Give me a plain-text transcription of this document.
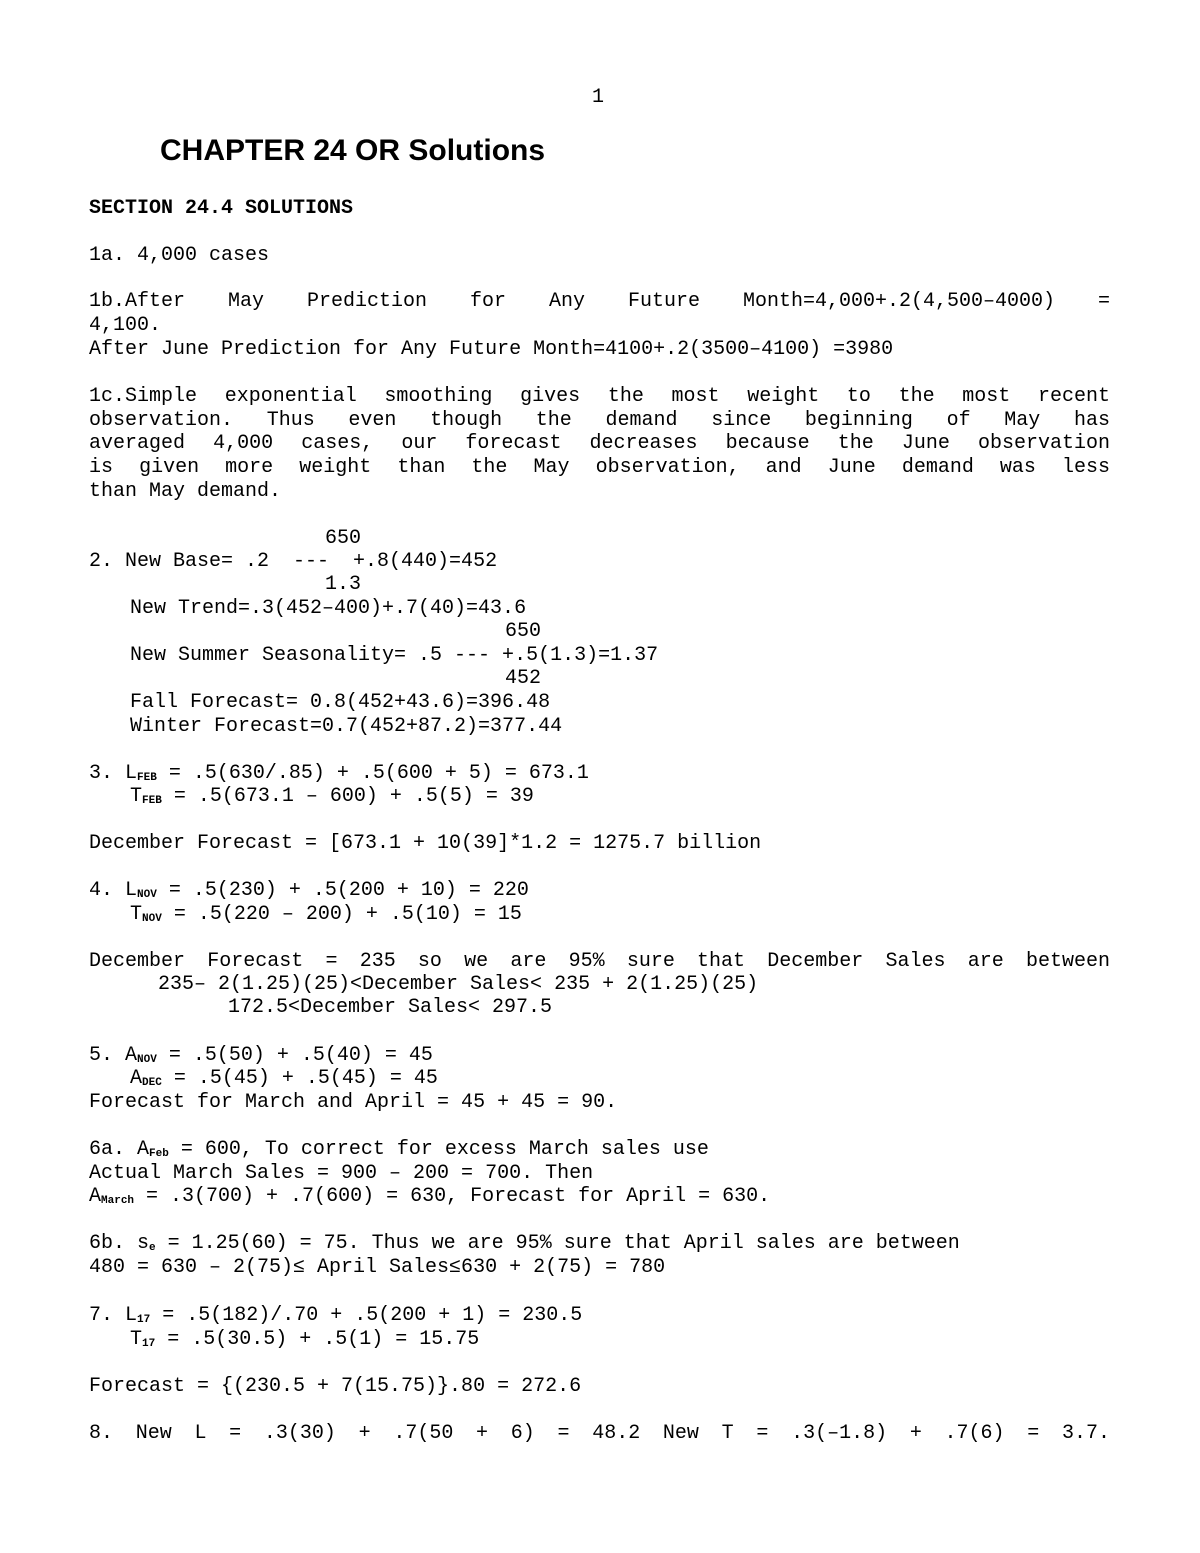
1
CHAPTER 24 OR Solutions
SECTION 24.4 SOLUTIONS
1a. 4,000 cases
1b.After May Prediction for Any Future Month=4,000+.2(4,500–4000) =
4,100.
After June Prediction for Any Future Month=4100+.2(3500–4100) =3980
1c.Simple exponential smoothing gives the most weight to the most recent
observation. Thus even though the demand since beginning of May has
averaged 4,000 cases, our forecast decreases because the June observation
is given more weight than the May observation, and June demand was less
than May demand.
650
2. New Base= .2  ---  +.8(440)=452
1.3
New Trend=.3(452–400)+.7(40)=43.6
650
New Summer Seasonality= .5 --- +.5(1.3)=1.37
452
Fall Forecast= 0.8(452+43.6)=396.48
Winter Forecast=0.7(452+87.2)=377.44
3. $L_{FEB} = .5(630/.85) + .5(600 + 5) = 673.1$
$T_{FEB} = .5(673.1 - 600) + .5(5) = 39$
December Forecast = [673.1 + 10(39]*1.2 = 1275.7 billion
4. $L_{NOV} = .5(230) + .5(200 + 10) = 220$
$T_{NOV} = .5(220 - 200) + .5(10) = 15$
December Forecast = 235 so we are 95% sure that December Sales are between
235– 2(1.25)(25)<December Sales< 235 + 2(1.25)(25)
172.5<December Sales< 297.5
5. $A_{NOV} = .5(50) + .5(40) = 45$
$A_{DEC} = .5(45) + .5(45) = 45$
Forecast for March and April = 45 + 45 = 90.
6a. $A_{Feb} = 600$, To correct for excess March sales use
Actual March Sales = 900 – 200 = 700. Then
$A_{March} = .3(700) + .7(600) = 630$, Forecast for April = 630.
6b. $s_e = 1.25(60) = 75$. Thus we are 95% sure that April sales are between
480 = 630 – 2(75)≤ April Sales≤630 + 2(75) = 780
7. $L_{17} = .5(182)/.70 + .5(200 + 1) = 230.5$
$T_{17} = .5(30.5) + .5(1) = 15.75$
Forecast = {(230.5 + 7(15.75)}.80 = 272.6
8. New L = .3(30) + .7(50 + 6) = 48.2 New T = .3(–1.8) + .7(6) = 3.7.
